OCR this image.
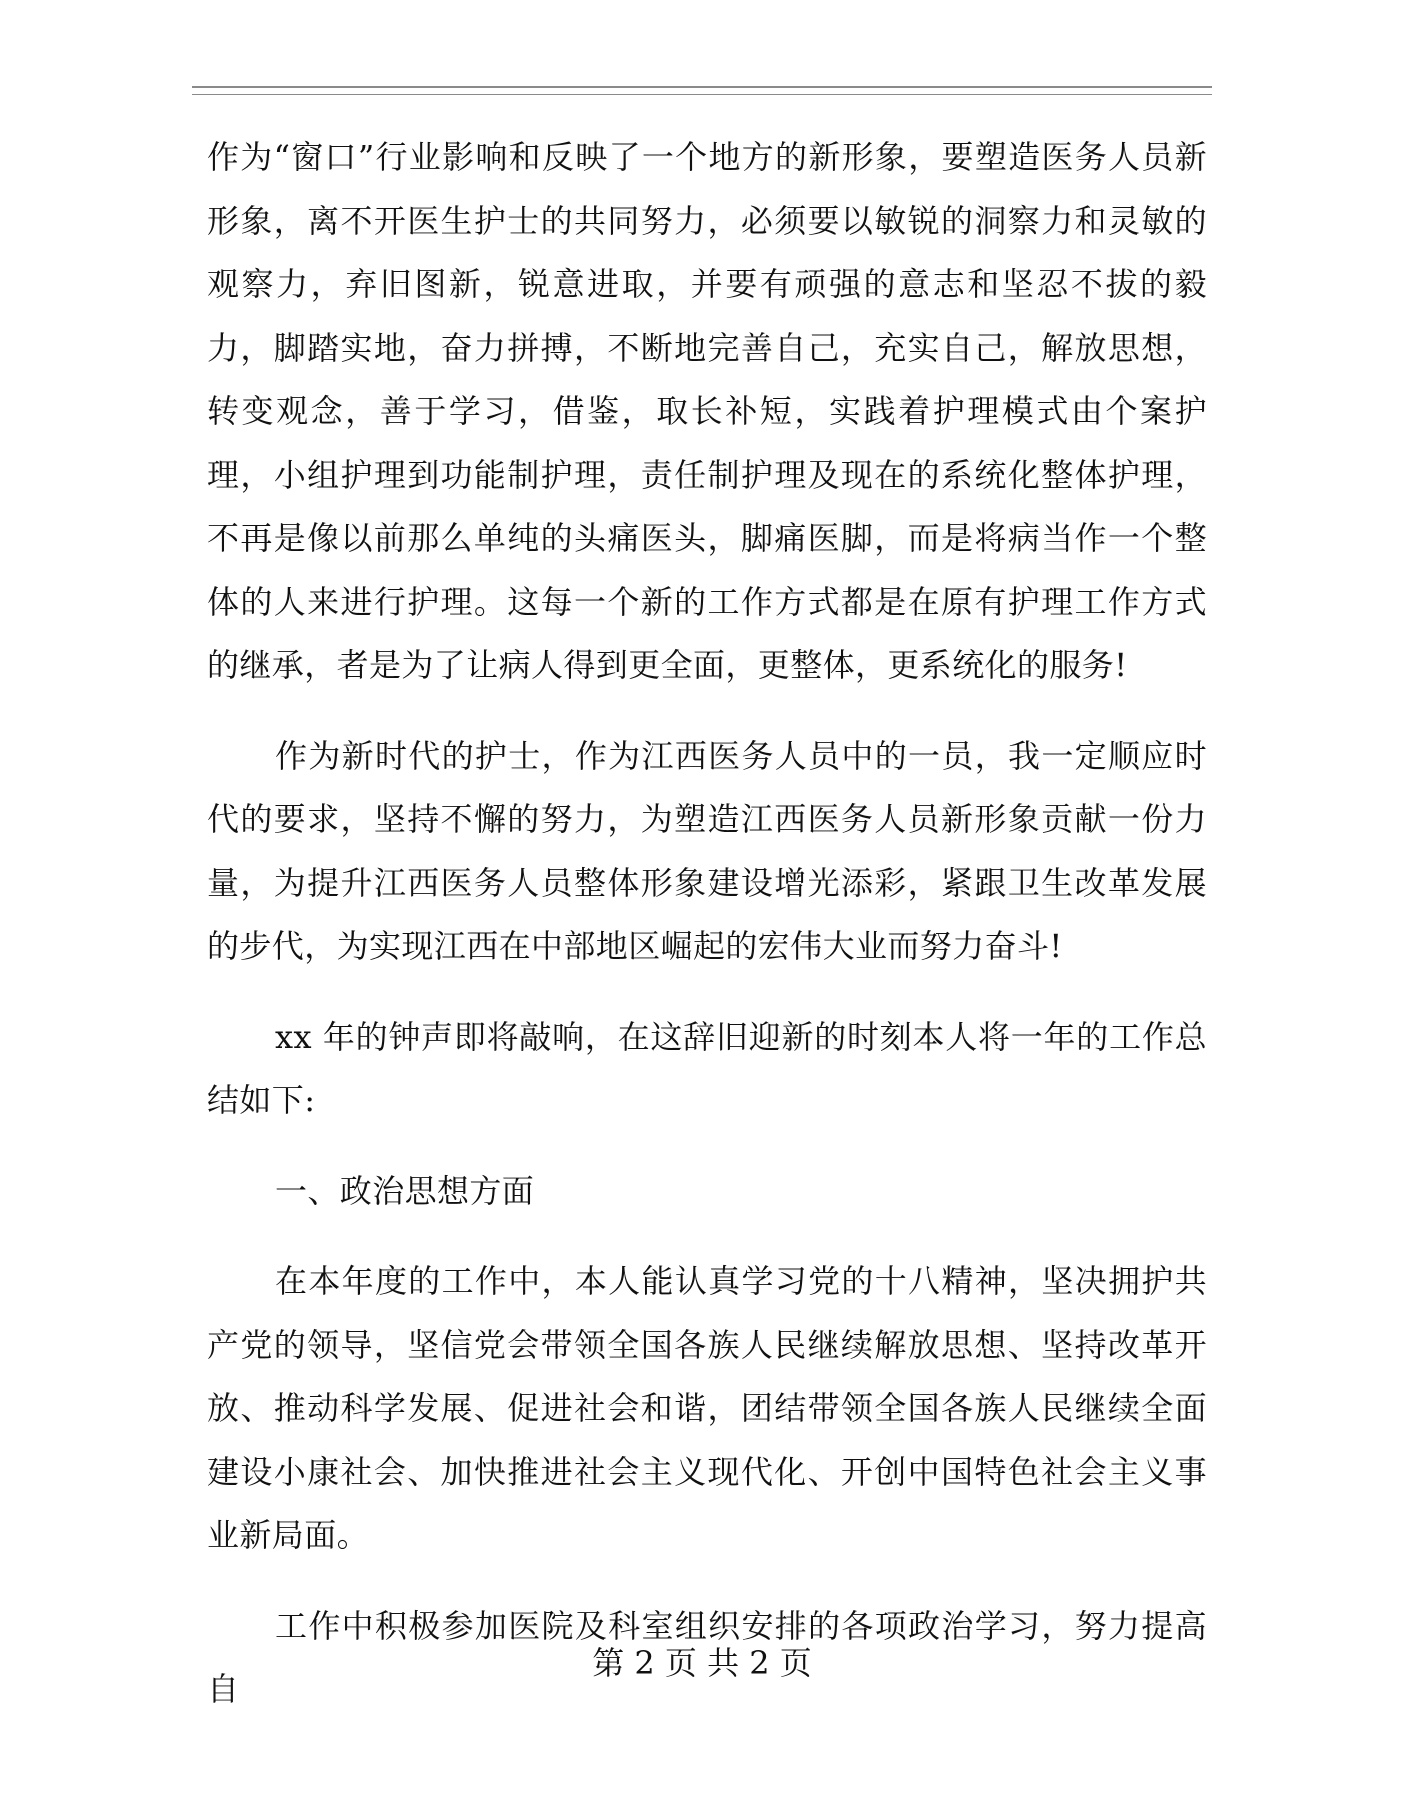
作为“窗口”行业影响和反映了一个地方的新形象，要塑造医务人员新形象，离不开医生护士的共同努力，必须要以敏锐的洞察力和灵敏的观察力，弃旧图新，锐意进取，并要有顽强的意志和坚忍不拔的毅力，脚踏实地，奋力拼搏，不断地完善自己，充实自己，解放思想，转变观念，善于学习，借鉴，取长补短，实践着护理模式由个案护理，小组护理到功能制护理，责任制护理及现在的系统化整体护理，不再是像以前那么单纯的头痛医头，脚痛医脚，而是将病当作一个整体的人来进行护理。这每一个新的工作方式都是在原有护理工作方式的继承，者是为了让病人得到更全面，更整体，更系统化的服务!

作为新时代的护士，作为江西医务人员中的一员，我一定顺应时代的要求，坚持不懈的努力，为塑造江西医务人员新形象贡献一份力量，为提升江西医务人员整体形象建设增光添彩，紧跟卫生改革发展的步代，为实现江西在中部地区崛起的宏伟大业而努力奋斗!

xx 年的钟声即将敲响，在这辞旧迎新的时刻本人将一年的工作总结如下:

一、政治思想方面

在本年度的工作中，本人能认真学习党的十八精神，坚决拥护共产党的领导，坚信党会带领全国各族人民继续解放思想、坚持改革开放、推动科学发展、促进社会和谐，团结带领全国各族人民继续全面建设小康社会、加快推进社会主义现代化、开创中国特色社会主义事业新局面。

工作中积极参加医院及科室组织安排的各项政治学习，努力提高自

第 2 页 共 2 页
